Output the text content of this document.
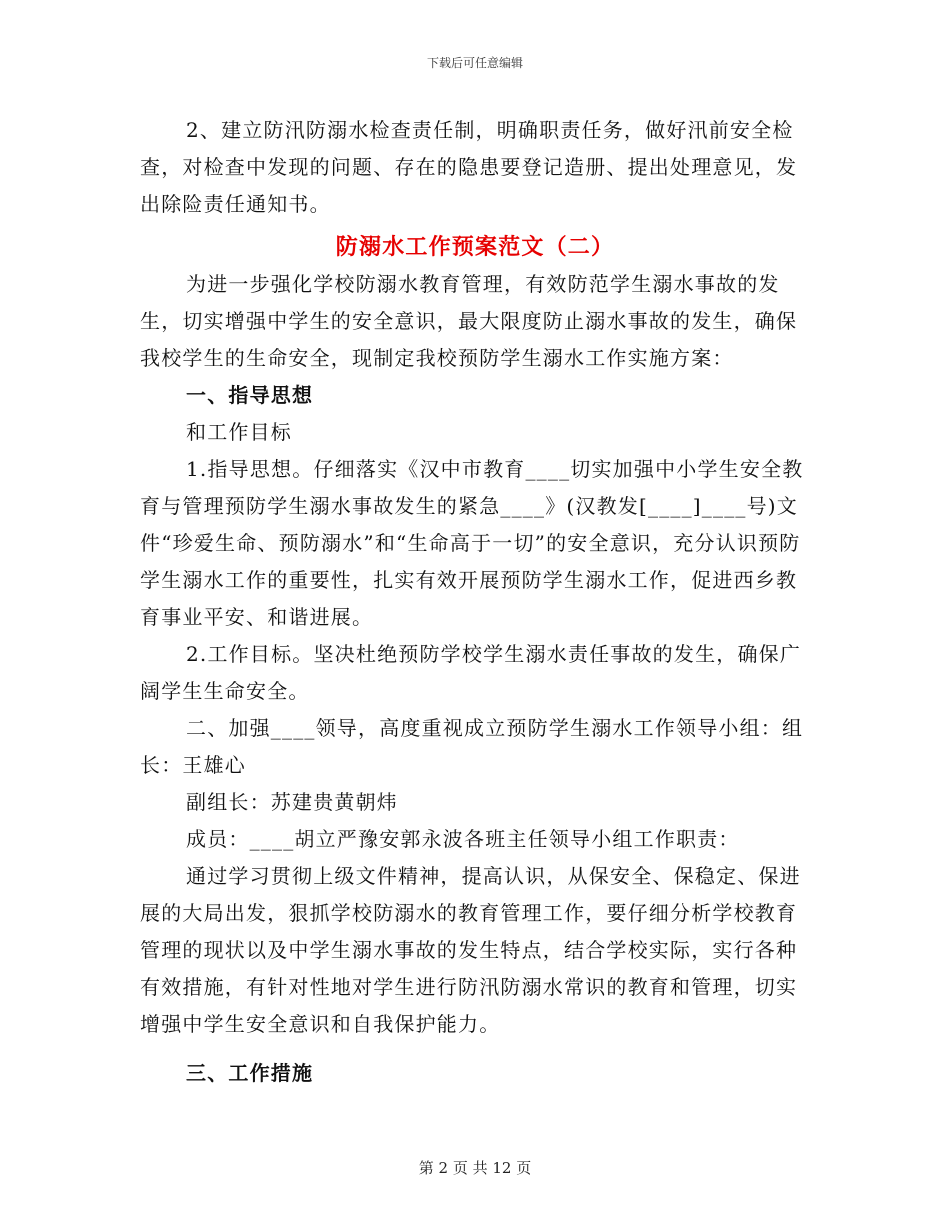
下载后可任意编辑

2、建立防汛防溺水检查责任制，明确职责任务，做好汛前安全检查，对检查中发现的问题、存在的隐患要登记造册、提出处理意见，发出除险责任通知书。

防溺水工作预案范文（二）

为进一步强化学校防溺水教育管理，有效防范学生溺水事故的发生，切实增强中学生的安全意识，最大限度防止溺水事故的发生，确保我校学生的生命安全，现制定我校预防学生溺水工作实施方案：

一、指导思想

和工作目标

1.指导思想。仔细落实《汉中市教育____切实加强中小学生安全教育与管理预防学生溺水事故发生的紧急____》(汉教发[____]____号)文件“珍爱生命、预防溺水”和“生命高于一切”的安全意识，充分认识预防学生溺水工作的重要性，扎实有效开展预防学生溺水工作，促进西乡教育事业平安、和谐进展。

2.工作目标。坚决杜绝预防学校学生溺水责任事故的发生，确保广阔学生生命安全。

二、加强____领导，高度重视成立预防学生溺水工作领导小组：组长：王雄心

副组长：苏建贵黄朝炜

成员：____胡立严豫安郭永波各班主任领导小组工作职责：

通过学习贯彻上级文件精神，提高认识，从保安全、保稳定、保进展的大局出发，狠抓学校防溺水的教育管理工作，要仔细分析学校教育管理的现状以及中学生溺水事故的发生特点，结合学校实际，实行各种有效措施，有针对性地对学生进行防汛防溺水常识的教育和管理，切实增强中学生安全意识和自我保护能力。

三、工作措施

第 2 页 共 12 页
